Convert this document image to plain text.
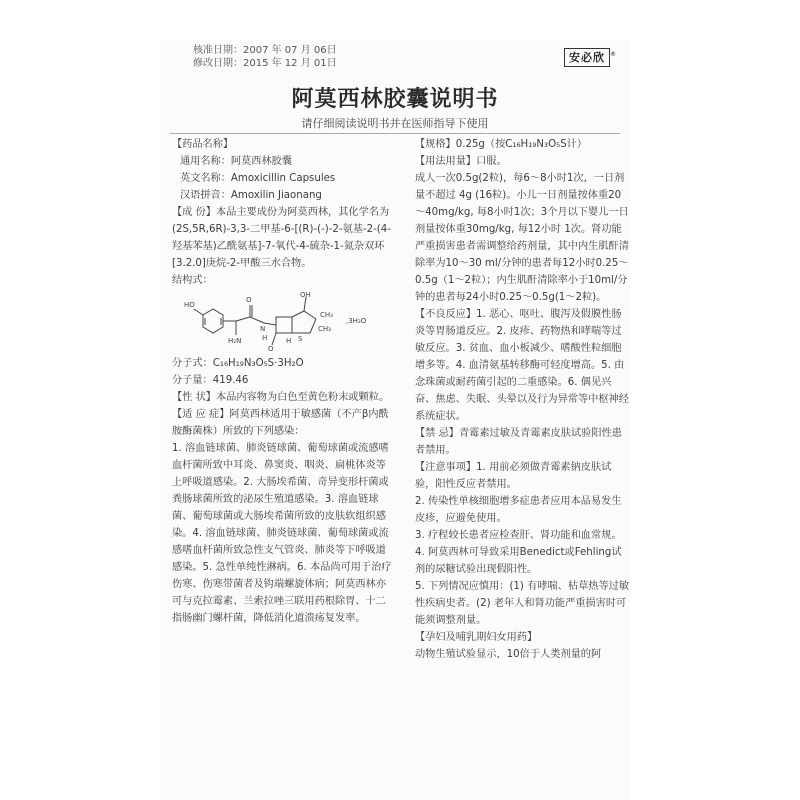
核准日期：2007 年 07 月 06日
修改日期：2015 年 12 月 01日	安必欣 ®
阿莫西林胶囊说明书
请仔细阅读说明书并在医师指导下使用

【药品名称】

通用名称：阿莫西林胶囊

英文名称：Amoxicillin Capsules

汉语拼音：Amoxilin Jiaonang

【成 份】本品主要成份为阿莫西林，其化学名为(2S,5R,6R)-3,3-二甲基-6-[(R)-(-)-2-氨基-2-(4-羟基苯基)乙酰氨基]-7-氧代-4-硫杂-1-氮杂双环[3.2.0]庚烷-2-甲酸三水合物。

结构式：

HO
H₂N
O
N
H	H
O
OH
S
CH₃
CH₃
,3H₂O

分子式：C₁₆H₁₉N₃O₅S·3H₂O

分子量：419.46

【性 状】本品内容物为白色至黄色粉末或颗粒。

【适 应 症】阿莫西林适用于敏感菌（不产β内酰胺酶菌株）所致的下列感染：

1. 溶血链球菌、肺炎链球菌、葡萄球菌或流感嗜血杆菌所致中耳炎、鼻窦炎、咽炎、扁桃体炎等上呼吸道感染。2. 大肠埃希菌、奇异变形杆菌或粪肠球菌所致的泌尿生殖道感染。3. 溶血链球菌、葡萄球菌或大肠埃希菌所致的皮肤软组织感染。4. 溶血链球菌、肺炎链球菌、葡萄球菌或流感嗜血杆菌所致急性支气管炎、肺炎等下呼吸道感染。5. 急性单纯性淋病。6. 本品尚可用于治疗伤寒、伤寒带菌者及钩端螺旋体病；阿莫西林亦可与克拉霉素、兰索拉唑三联用药根除胃、十二指肠幽门螺杆菌，降低消化道溃疡复发率。

【规格】0.25g（按C₁₆H₁₉N₃O₅S计）

【用法用量】口服。

成人一次0.5g(2粒)，每6～8小时1次，一日剂量不超过 4g (16粒)。小儿一日剂量按体重20～40mg/kg, 每8小时1次；3个月以下婴儿一日剂量按体重30mg/kg, 每12小时 1次。肾功能严重损害患者需调整给药剂量，其中内生肌酐清除率为10～30 ml/分钟的患者每12小时0.25～0.5g（1～2粒）；内生肌酐清除率小于10ml/分钟的患者每24小时0.25～0.5g(1～2粒)。

【不良反应】1. 恶心、呕吐、腹泻及假膜性肠炎等胃肠道反应。2. 皮疹、药物热和哮喘等过敏反应。3. 贫血、血小板减少、嗜酸性粒细胞增多等。4. 血清氨基转移酶可轻度增高。5. 由念珠菌或耐药菌引起的二重感染。6. 偶见兴奋、焦虑、失眠、头晕以及行为异常等中枢神经系统症状。

【禁 忌】青霉素过敏及青霉素皮肤试验阳性患者禁用。

【注意事项】1. 用前必须做青霉素钠皮肤试验，阳性反应者禁用。

2. 传染性单核细胞增多症患者应用本品易发生皮疹，应避免使用。

3. 疗程较长患者应检查肝、肾功能和血常规。

4. 阿莫西林可导致采用Benedict或Fehling试剂的尿糖试验出现假阳性。

5. 下列情况应慎用：(1) 有哮喘、枯草热等过敏性疾病史者。(2) 老年人和肾功能严重损害时可能须调整剂量。

【孕妇及哺乳期妇女用药】

动物生殖试验显示，10倍于人类剂量的阿
